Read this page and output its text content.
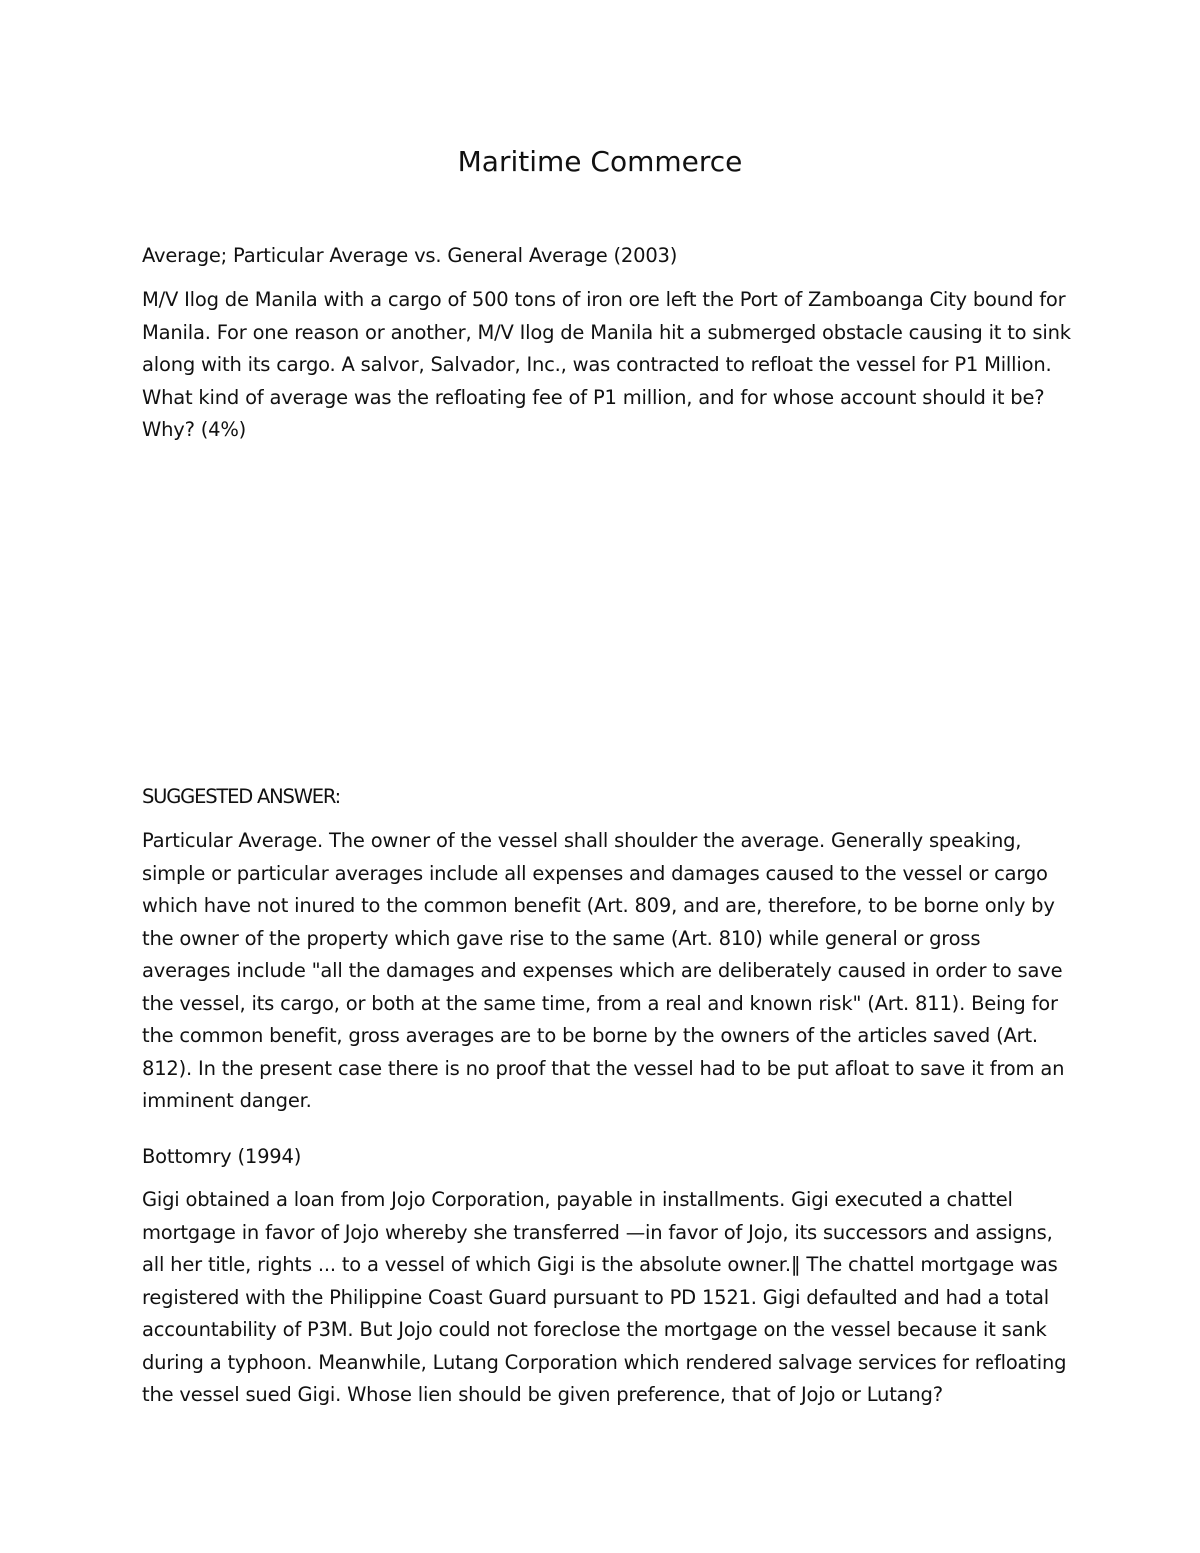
Maritime Commerce

Average; Particular Average vs. General Average (2003)

M/V Ilog de Manila with a cargo of 500 tons of iron ore left the Port of Zamboanga City bound for Manila. For one reason or another, M/V Ilog de Manila hit a submerged obstacle causing it to sink along with its cargo. A salvor, Salvador, Inc., was contracted to refloat the vessel for P1 Million. What kind of average was the refloating fee of P1 million, and for whose account should it be? Why? (4%)

SUGGESTED ANSWER:

Particular Average. The owner of the vessel shall shoulder the average. Generally speaking, simple or particular averages include all expenses and damages caused to the vessel or cargo which have not inured to the common benefit (Art. 809, and are, therefore, to be borne only by the owner of the property which gave rise to the same (Art. 810) while general or gross averages include "all the damages and expenses which are deliberately caused in order to save the vessel, its cargo, or both at the same time, from a real and known risk" (Art. 811). Being for the common benefit, gross averages are to be borne by the owners of the articles saved (Art. 812). In the present case there is no proof that the vessel had to be put afloat to save it from an imminent danger.

Bottomry (1994)

Gigi obtained a loan from Jojo Corporation, payable in installments. Gigi executed a chattel mortgage in favor of Jojo whereby she transferred —in favor of Jojo, its successors and assigns, all her title, rights ... to a vessel of which Gigi is the absolute owner.‖ The chattel mortgage was registered with the Philippine Coast Guard pursuant to PD 1521. Gigi defaulted and had a total accountability of P3M. But Jojo could not foreclose the mortgage on the vessel because it sank during a typhoon. Meanwhile, Lutang Corporation which rendered salvage services for refloating the vessel sued Gigi. Whose lien should be given preference, that of Jojo or Lutang?
